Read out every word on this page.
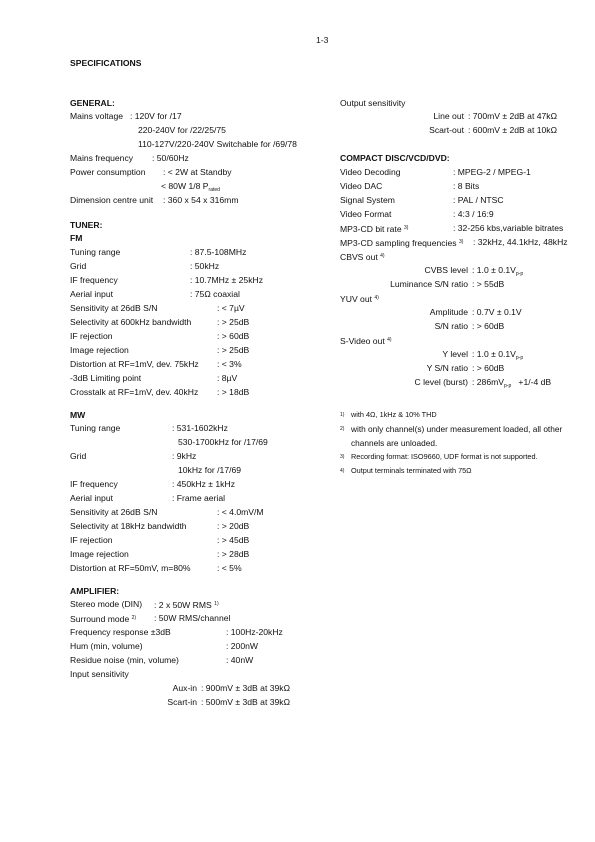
1-3
SPECIFICATIONS
GENERAL:
Mains voltage : 120V for /17
220-240V for /22/25/75
110-127V/220-240V Switchable for /69/78
Mains frequency : 50/60Hz
Power consumption : < 2W at Standby
< 80W 1/8 $P_{rated}$
Dimension centre unit : 360 x 54 x 316mm
TUNER:
FM
Tuning range	: 87.5-108MHz
Grid	: 50kHz
IF frequency	: 10.7MHz ± 25kHz
Aerial input	: 75Ω coaxial
Sensitivity at 26dB S/N	: < 7µV
Selectivity at 600kHz bandwidth	: > 25dB
IF rejection	: > 60dB
Image rejection	: > 25dB
Distortion at RF=1mV, dev. 75kHz : < 3%
-3dB Limiting point	: 8µV
Crosstalk at RF=1mV, dev. 40kHz : > 18dB
MW
Tuning range	: 531-1602kHz
530-1700kHz for /17/69
Grid	: 9kHz
10kHz for /17/69
IF frequency	: 450kHz ± 1kHz
Aerial input	: Frame aerial
Sensitivity at 26dB S/N	: < 4.0mV/M
Selectivity at 18kHz bandwidth	: > 20dB
IF rejection	: > 45dB
Image rejection	: > 28dB
Distortion at RF=50mV, m=80%	: < 5%
AMPLIFIER:
Stereo mode (DIN) : 2 x 50W RMS $^{1)}$
Surround mode $^{2)}$ : 50W RMS/channel
Frequency response ±3dB	: 100Hz-20kHz
Hum (min, volume)	: 200nW
Residue noise (min, volume)	: 40nW
Input sensitivity
Aux-in : 900mV ± 3dB at 39kΩ
Scart-in : 500mV ± 3dB at 39kΩ
Output sensitivity
Line out : 700mV ± 2dB at 47kΩ
Scart-out : 600mV ± 2dB at 10kΩ
COMPACT DISC/VCD/DVD:
Video Decoding	: MPEG-2 / MPEG-1
Video DAC	: 8 Bits
Signal System	: PAL / NTSC
Video Format	: 4:3 / 16:9
MP3-CD bit rate $^{3)}$	: 32-256 kbs,variable bitrates
MP3-CD sampling frequencies $^{3)}$ : 32kHz, 44.1kHz, 48kHz
CBVS out $^{4)}$
CVBS level : $1.0 \pm 0.1V_{p-p}$
Luminance S/N ratio : > 55dB
YUV out $^{4)}$
Amplitude : 0.7V ± 0.1V
S/N ratio : > 60dB
S-Video out $^{4)}$
Y level : $1.0 \pm 0.1V_{p-p}$
Y S/N ratio : > 60dB
C level (burst) : $286mV_{p-p} +1/-4$ dB
1) with 4Ω, 1kHz & 10% THD
2) with only channel(s) under measurement loaded, all other
channels are unloaded.
3) Recording format: ISO9660, UDF format is not supported.
4) Output terminals terminated with 75Ω
